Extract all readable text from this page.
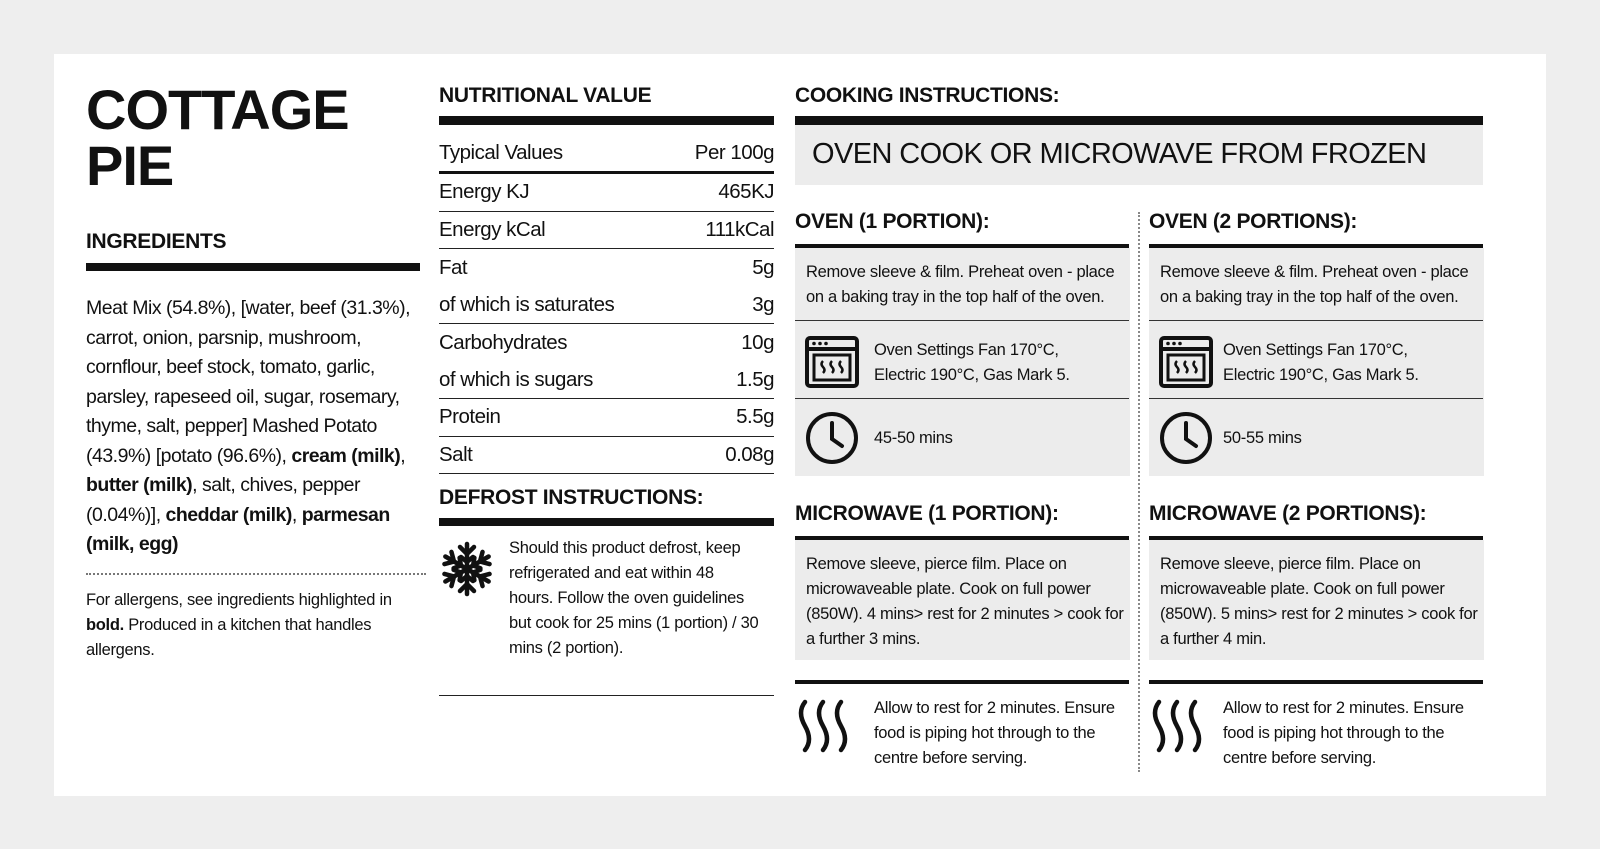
COTTAGE
PIE
INGREDIENTS
Meat Mix (54.8%), [water, beef (31.3%), carrot, onion, parsnip, mushroom, cornflour, beef stock, tomato, garlic, parsley, rapeseed oil, sugar, rosemary, thyme, salt, pepper] Mashed Potato (43.9%) [potato (96.6%), cream (milk), butter (milk), salt, chives, pepper (0.04%)], cheddar (milk), parmesan (milk, egg)
For allergens, see ingredients highlighted in bold. Produced in a kitchen that handles allergens.
NUTRITIONAL VALUE
Typical Values	Per 100g
Energy KJ	465KJ
Energy kCal	111kCal
Fat	5g
of which is saturates	3g
Carbohydrates	10g
of which is sugars	1.5g
Protein	5.5g
Salt	0.08g
DEFROST INSTRUCTIONS:
Should this product defrost, keep refrigerated and eat within 48 hours. Follow the oven guidelines but cook for 25 mins (1 portion) / 30 mins (2 portion).
COOKING INSTRUCTIONS:
OVEN COOK OR MICROWAVE FROM FROZEN
OVEN (1 PORTION):
Remove sleeve & film. Preheat oven - place on a baking tray in the top half of the oven.
Oven Settings Fan 170°C, Electric 190°C, Gas Mark 5.
45-50 mins
MICROWAVE (1 PORTION):
Remove sleeve, pierce film. Place on microwaveable plate. Cook on full power (850W). 4 mins> rest for 2 minutes > cook for a further 3 mins.
Allow to rest for 2 minutes. Ensure food is piping hot through to the centre before serving.
OVEN (2 PORTIONS):
Remove sleeve & film. Preheat oven - place on a baking tray in the top half of the oven.
Oven Settings Fan 170°C, Electric 190°C, Gas Mark 5.
50-55 mins
MICROWAVE (2 PORTIONS):
Remove sleeve, pierce film. Place on microwaveable plate. Cook on full power (850W). 5 mins> rest for 2 minutes > cook for a further 4 min.
Allow to rest for 2 minutes. Ensure food is piping hot through to the centre before serving.
